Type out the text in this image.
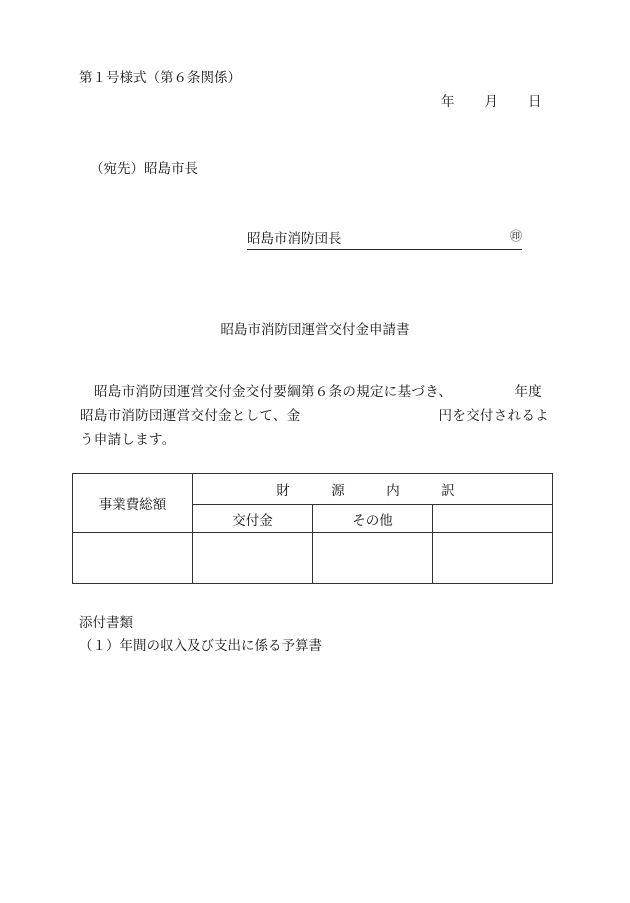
第１号様式（第６条関係）
年 月 日
（宛先）昭島市長
昭島市消防団長	㊞
昭島市消防団運営交付金申請書
昭島市消防団運営交付金交付要綱第６条の規定に基づき、　　　　　年度昭島市消防団運営交付金として、金　　　　　　　　　　円を交付されるよう申請します。
事業費総額	財　源　内　訳		
	交付金	その他	

添付書類
（１）年間の収入及び支出に係る予算書
